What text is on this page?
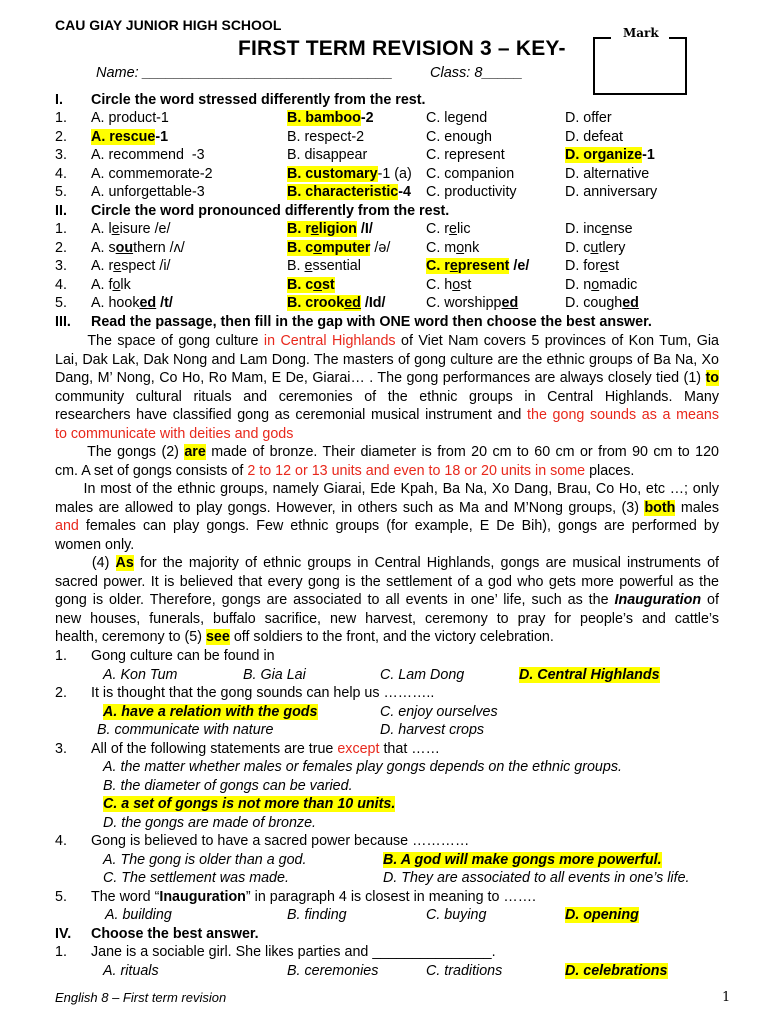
CAU GIAY JUNIOR HIGH SCHOOL
FIRST TERM REVISION 3 – KEY-
Mark
Name: _______________________________	Class: 8_____
I. Circle the word stressed differently from the rest.
1. A. product-1	B. bamboo-2	C. legend	D. offer
2. A. rescue-1	B. respect-2	C. enough	D. defeat
3. A. recommend  -3	B. disappear	C. represent	D. organize-1
4. A. commemorate-2	B. customary-1 (a) C. companion	D. alternative
5. A. unforgettable-3	B. characteristic-4 C. productivity	D. anniversary
II. Circle the word pronounced differently from the rest.
1. A. leisure /e/	B. religion /I/	C. relic	D. incense
2. A. southern /ʌ/	B. computer /ə/ C. monk	D. cutlery
3. A. respect /i/	B. essential	C. represent /e/ D. forest
4. A. folk	B. cost	C. host	D. nomadic
5. A. hooked /t/	B. crooked /Id/	C. worshipped	D. coughed
III. Read the passage, then fill in the gap with ONE word then choose the best answer.
The space of gong culture in Central Highlands of Viet Nam covers 5 provinces of Kon Tum, Gia
Lai, Dak Lak, Dak Nong and Lam Dong. The masters of gong culture are the ethnic groups of Ba Na, Xo
Dang, M’ Nong, Co Ho, Ro Mam, E De, Giarai… . The gong performances are always closely tied (1) to
community cultural rituals and ceremonies of the ethnic groups in Central Highlands. Many
researchers have classified gong as ceremonial musical instrument and the gong sounds as a means
to communicate with deities and gods
The gongs (2) are made of bronze. Their diameter is from 20 cm to 60 cm or from 90 cm to 120
cm. A set of gongs consists of 2 to 12 or 13 units and even to 18 or 20 units in some places.
In most of the ethnic groups, namely Giarai, Ede Kpah, Ba Na, Xo Dang, Brau, Co Ho, etc …; only
males are allowed to play gongs. However, in others such as Ma and M’Nong groups, (3) both males
and females can play gongs. Few ethnic groups (for example, E De Bih), gongs are performed by
women only.
(4) As for the majority of ethnic groups in Central Highlands, gongs are musical instruments of
sacred power. It is believed that every gong is the settlement of a god who gets more powerful as the
gong is older. Therefore, gongs are associated to all events in one’ life, such as the Inauguration of
new houses, funerals, buffalo sacrifice, new harvest, ceremony to pray for people’s and cattle’s
health, ceremony to (5) see off soldiers to the front, and the victory celebration.
1. Gong culture can be found in
A. Kon Tum	B. Gia Lai	C. Lam Dong	D. Central Highlands
2. It is thought that the gong sounds can help us ………..
A. have a relation with the gods	C. enjoy ourselves
B. communicate with nature	D. harvest crops
3. All of the following statements are true except that ……
A. the matter whether males or females play gongs depends on the ethnic groups.
B. the diameter of gongs can be varied.
C. a set of gongs is not more than 10 units.
D. the gongs are made of bronze.
4. Gong is believed to have a sacred power because …………
A. The gong is older than a god.	B. A god will make gongs more powerful.
C. The settlement was made.	D. They are associated to all events in one’s life.
5. The word “Inauguration” in paragraph 4 is closest in meaning to …….
A. building	B. finding	C. buying	D. opening
IV. Choose the best answer.
1. Jane is a sociable girl. She likes parties and _______________.
A. rituals	B. ceremonies	C. traditions	D. celebrations
English 8 – First term revision	1
